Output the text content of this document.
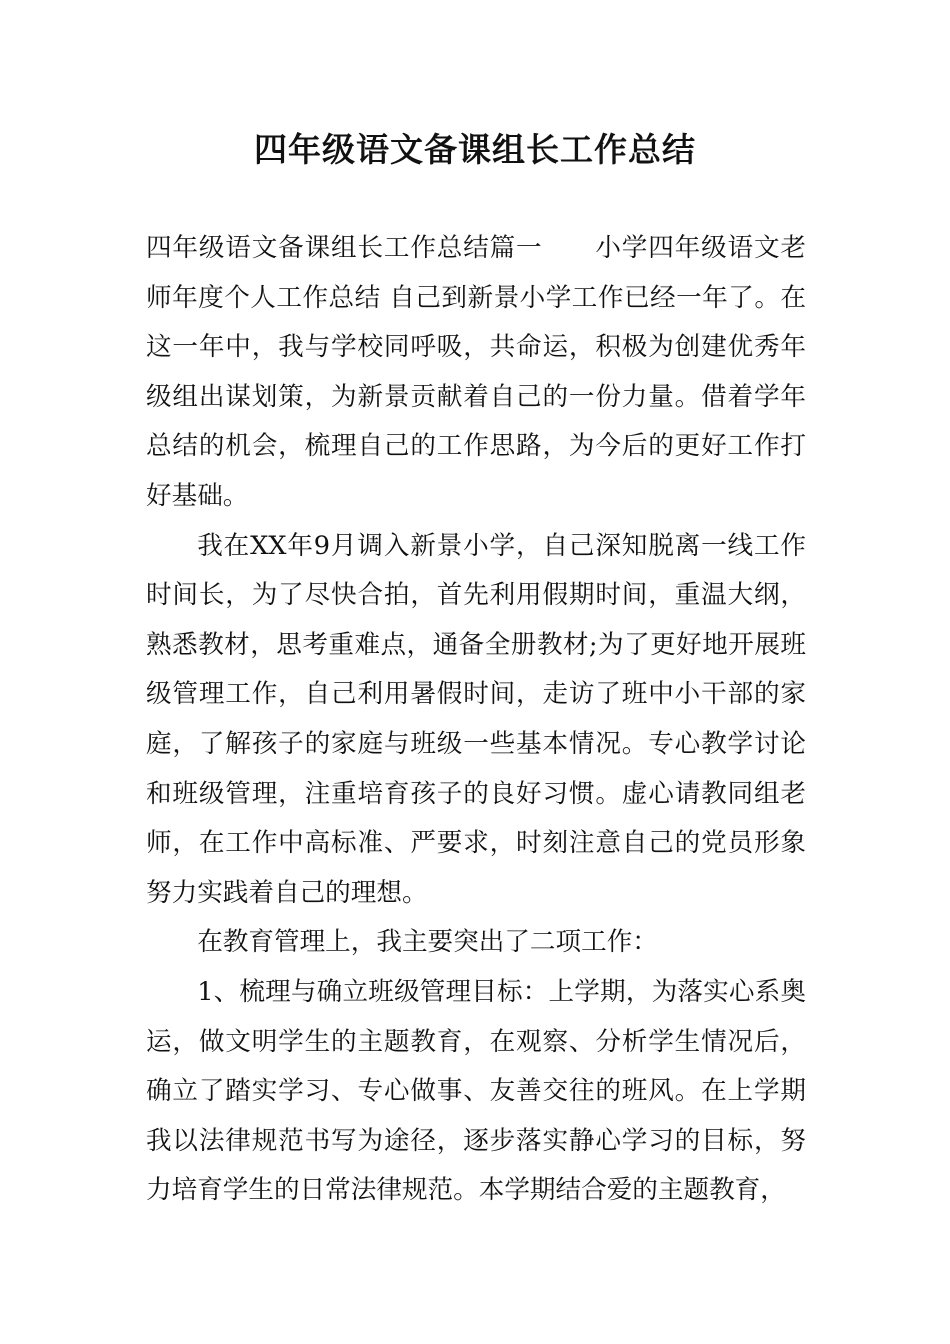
四年级语文备课组长工作总结

四年级语文备课组长工作总结篇一　　小学四年级语文老师年度个人工作总结 自己到新景小学工作已经一年了。在这一年中，我与学校同呼吸，共命运，积极为创建优秀年级组出谋划策，为新景贡献着自己的一份力量。借着学年总结的机会，梳理自己的工作思路，为今后的更好工作打好基础。

我在XX年9月调入新景小学，自己深知脱离一线工作时间长，为了尽快合拍，首先利用假期时间，重温大纲，熟悉教材，思考重难点，通备全册教材;为了更好地开展班级管理工作，自己利用暑假时间，走访了班中小干部的家庭，了解孩子的家庭与班级一些基本情况。专心教学讨论和班级管理，注重培育孩子的良好习惯。虚心请教同组老师，在工作中高标准、严要求，时刻注意自己的党员形象努力实践着自己的理想。

在教育管理上，我主要突出了二项工作：

1、梳理与确立班级管理目标：上学期，为落实心系奥运，做文明学生的主题教育，在观察、分析学生情况后，确立了踏实学习、专心做事、友善交往的班风。在上学期我以法律规范书写为途径，逐步落实静心学习的目标，努力培育学生的日常法律规范。本学期结合爱的主题教育，
